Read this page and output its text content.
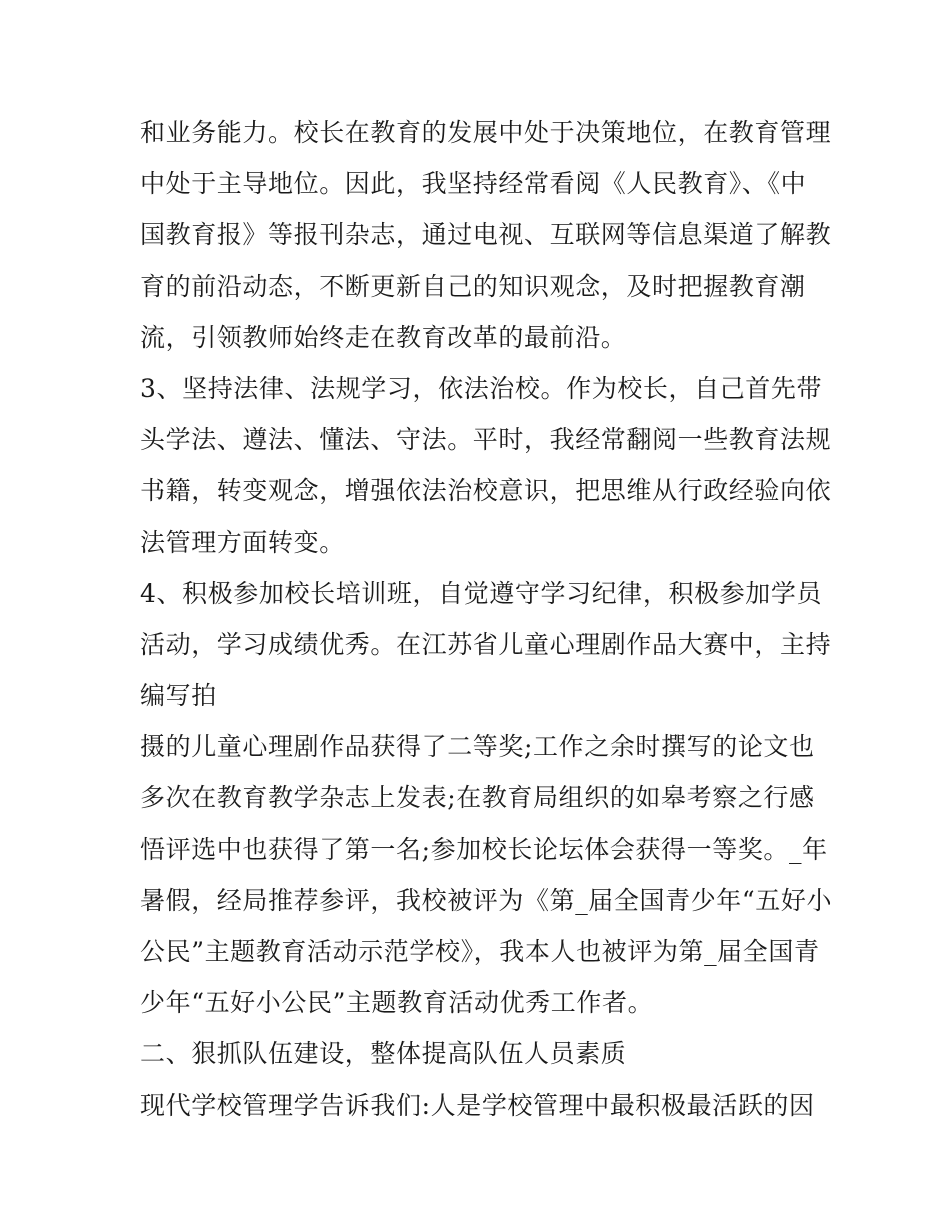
和业务能力。校长在教育的发展中处于决策地位，在教育管理
中处于主导地位。因此，我坚持经常看阅《人民教育》、《中
国教育报》等报刊杂志，通过电视、互联网等信息渠道了解教
育的前沿动态，不断更新自己的知识观念，及时把握教育潮
流，引领教师始终走在教育改革的最前沿。
3、坚持法律、法规学习，依法治校。作为校长，自己首先带
头学法、遵法、懂法、守法。平时，我经常翻阅一些教育法规
书籍，转变观念，增强依法治校意识，把思维从行政经验向依
法管理方面转变。
4、积极参加校长培训班，自觉遵守学习纪律，积极参加学员
活动，学习成绩优秀。在江苏省儿童心理剧作品大赛中，主持
编写拍
摄的儿童心理剧作品获得了二等奖;工作之余时撰写的论文也
多次在教育教学杂志上发表;在教育局组织的如皋考察之行感
悟评选中也获得了第一名;参加校长论坛体会获得一等奖。_年
暑假，经局推荐参评，我校被评为《第_届全国青少年“五好小
公民”主题教育活动示范学校》，我本人也被评为第_届全国青
少年“五好小公民”主题教育活动优秀工作者。
二、狠抓队伍建设，整体提高队伍人员素质
现代学校管理学告诉我们:人是学校管理中最积极最活跃的因
